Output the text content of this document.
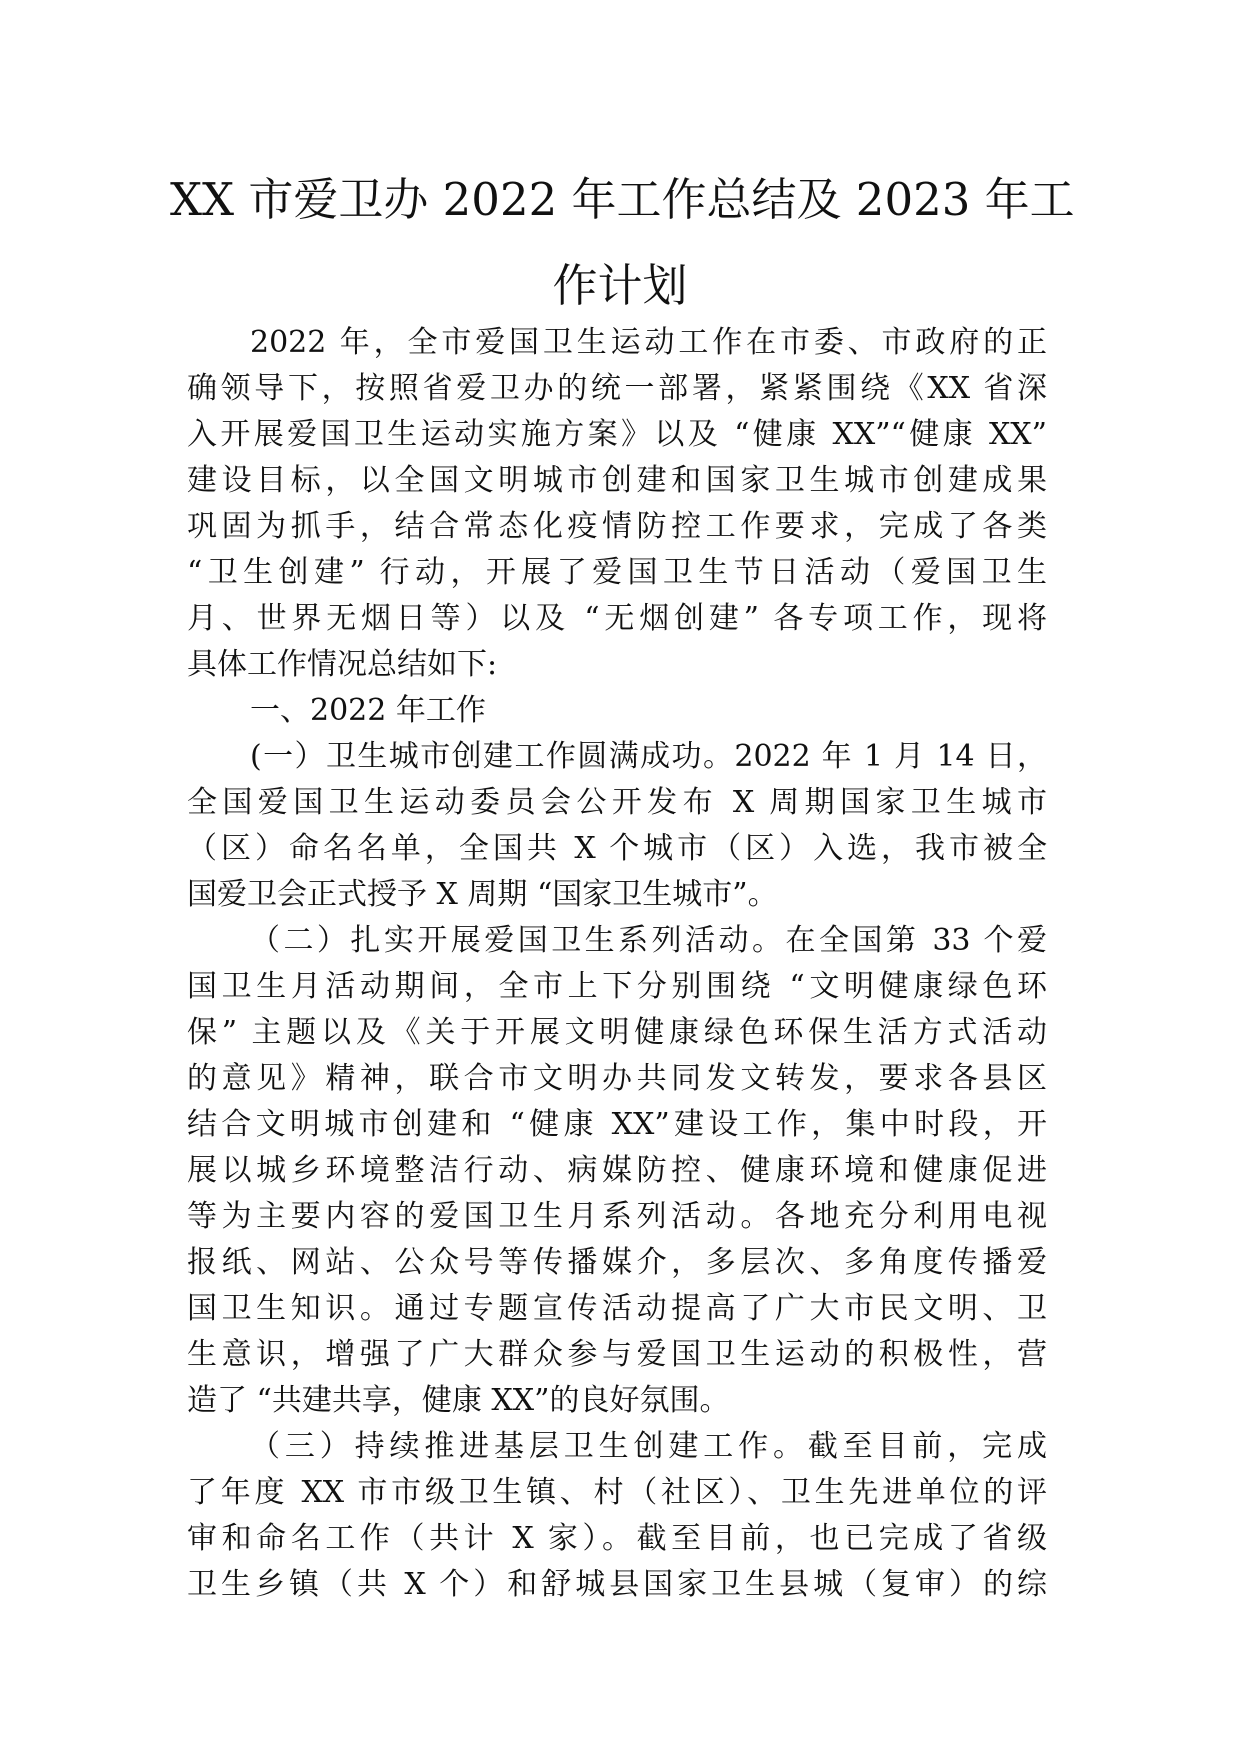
XX 市爱卫办 2022 年工作总结及 2023 年工
作计划
2022 年，全市爱国卫生运动工作在市委、市政府的正
确领导下，按照省爱卫办的统一部署，紧紧围绕《XX 省深
入开展爱国卫生运动实施方案》以及 “健康 XX”“健康 XX”
建设目标，以全国文明城市创建和国家卫生城市创建成果
巩固为抓手，结合常态化疫情防控工作要求，完成了各类
“卫生创建” 行动，开展了爱国卫生节日活动（爱国卫生
月、世界无烟日等）以及 “无烟创建” 各专项工作，现将
具体工作情况总结如下:
一、2022 年工作
(一）卫生城市创建工作圆满成功。2022 年 1 月 14 日，
全国爱国卫生运动委员会公开发布 X 周期国家卫生城市
（区）命名名单，全国共 X 个城市（区）入选，我市被全
国爱卫会正式授予 X 周期 “国家卫生城市”。
（二）扎实开展爱国卫生系列活动。在全国第 33 个爱
国卫生月活动期间，全市上下分别围绕 “文明健康绿色环
保” 主题以及《关于开展文明健康绿色环保生活方式活动
的意见》精神，联合市文明办共同发文转发，要求各县区
结合文明城市创建和 “健康 XX”建设工作，集中时段，开
展以城乡环境整洁行动、病媒防控、健康环境和健康促进
等为主要内容的爱国卫生月系列活动。各地充分利用电视
报纸、网站、公众号等传播媒介，多层次、多角度传播爱
国卫生知识。通过专题宣传活动提高了广大市民文明、卫
生意识，增强了广大群众参与爱国卫生运动的积极性，营
造了 “共建共享，健康 XX”的良好氛围。
（三）持续推进基层卫生创建工作。截至目前，完成
了年度 XX 市市级卫生镇、村（社区）、卫生先进单位的评
审和命名工作（共计 X 家）。截至目前，也已完成了省级
卫生乡镇（共 X 个）和舒城县国家卫生县城（复审）的综
